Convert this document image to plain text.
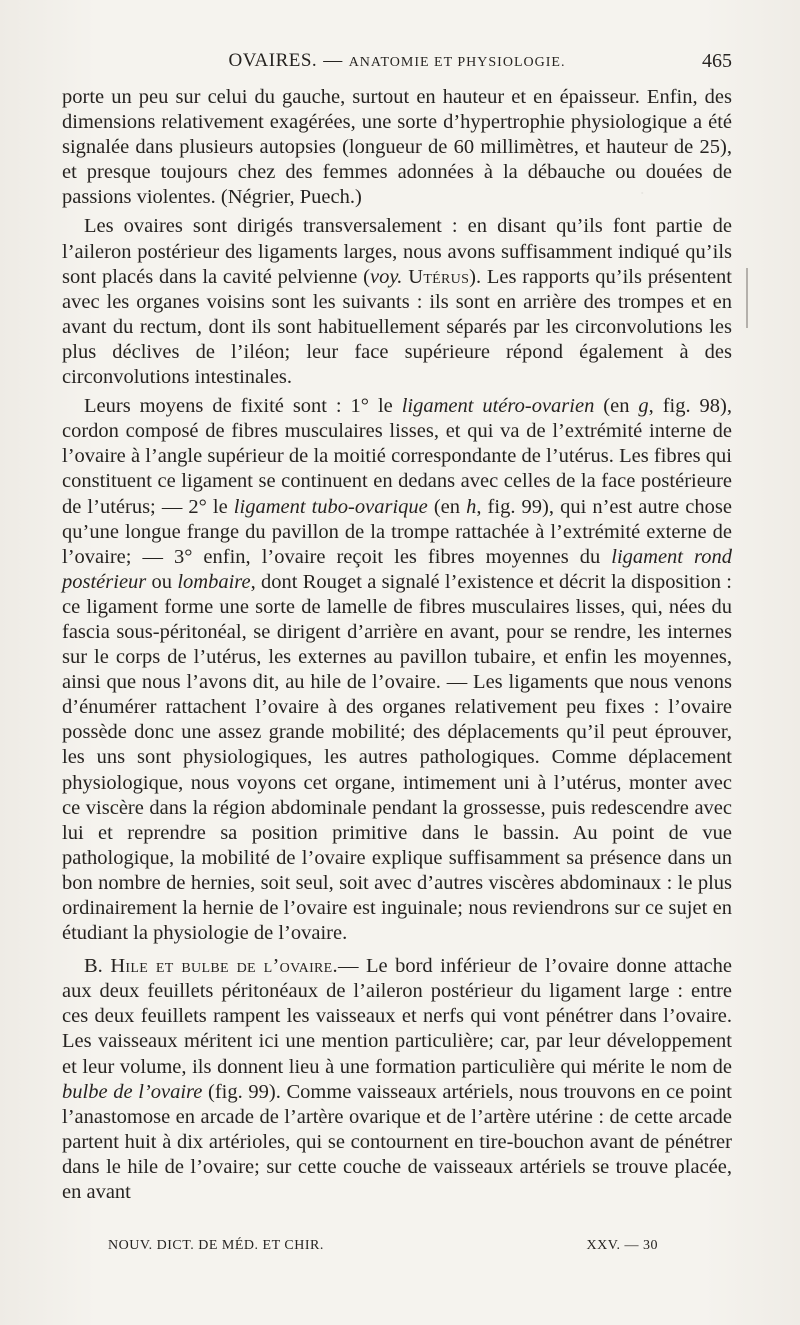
.
OVAIRES. — ANATOMIE ET PHYSIOLOGIE.	465

porte un peu sur celui du gauche, surtout en hauteur et en épaisseur. Enfin, des dimensions relativement exagérées, une sorte d’hypertrophie physiologique a été signalée dans plusieurs autopsies (longueur de 60 millimètres, et hauteur de 25), et presque toujours chez des femmes adonnées à la débauche ou douées de passions violentes. (Négrier, Puech.)

Les ovaires sont dirigés transversalement : en disant qu’ils font partie de l’aileron postérieur des ligaments larges, nous avons suffisamment indiqué qu’ils sont placés dans la cavité pelvienne (voy. Utérus). Les rapports qu’ils présentent avec les organes voisins sont les suivants : ils sont en arrière des trompes et en avant du rectum, dont ils sont habituellement séparés par les circonvolutions les plus déclives de l’iléon; leur face supérieure répond également à des circonvolutions intestinales.

Leurs moyens de fixité sont : 1° le ligament utéro-ovarien (en g, fig. 98), cordon composé de fibres musculaires lisses, et qui va de l’extrémité interne de l’ovaire à l’angle supérieur de la moitié correspondante de l’utérus. Les fibres qui constituent ce ligament se continuent en dedans avec celles de la face postérieure de l’utérus; — 2° le ligament tubo-ovarique (en h, fig. 99), qui n’est autre chose qu’une longue frange du pavillon de la trompe rattachée à l’extrémité externe de l’ovaire; — 3° enfin, l’ovaire reçoit les fibres moyennes du ligament rond postérieur ou lombaire, dont Rouget a signalé l’existence et décrit la disposition : ce ligament forme une sorte de lamelle de fibres musculaires lisses, qui, nées du fascia sous-péritonéal, se dirigent d’arrière en avant, pour se rendre, les internes sur le corps de l’utérus, les externes au pavillon tubaire, et enfin les moyennes, ainsi que nous l’avons dit, au hile de l’ovaire. — Les ligaments que nous venons d’énumérer rattachent l’ovaire à des organes relativement peu fixes : l’ovaire possède donc une assez grande mobilité; des déplacements qu’il peut éprouver, les uns sont physiologiques, les autres pathologiques. Comme déplacement physiologique, nous voyons cet organe, intimement uni à l’utérus, monter avec ce viscère dans la région abdominale pendant la grossesse, puis redescendre avec lui et reprendre sa position primitive dans le bassin. Au point de vue pathologique, la mobilité de l’ovaire explique suffisamment sa présence dans un bon nombre de hernies, soit seul, soit avec d’autres viscères abdominaux : le plus ordinairement la hernie de l’ovaire est inguinale; nous reviendrons sur ce sujet en étudiant la physiologie de l’ovaire.

B. Hile et bulbe de l’ovaire.— Le bord inférieur de l’ovaire donne attache aux deux feuillets péritonéaux de l’aileron postérieur du ligament large : entre ces deux feuillets rampent les vaisseaux et nerfs qui vont pénétrer dans l’ovaire. Les vaisseaux méritent ici une mention particulière; car, par leur développement et leur volume, ils donnent lieu à une formation particulière qui mérite le nom de bulbe de l’ovaire (fig. 99). Comme vaisseaux artériels, nous trouvons en ce point l’anastomose en arcade de l’artère ovarique et de l’artère utérine : de cette arcade partent huit à dix artérioles, qui se contournent en tire-bouchon avant de pénétrer dans le hile de l’ovaire; sur cette couche de vaisseaux artériels se trouve placée, en avant

NOUV. DICT. DE MÉD. ET CHIR.	XXV. — 30
